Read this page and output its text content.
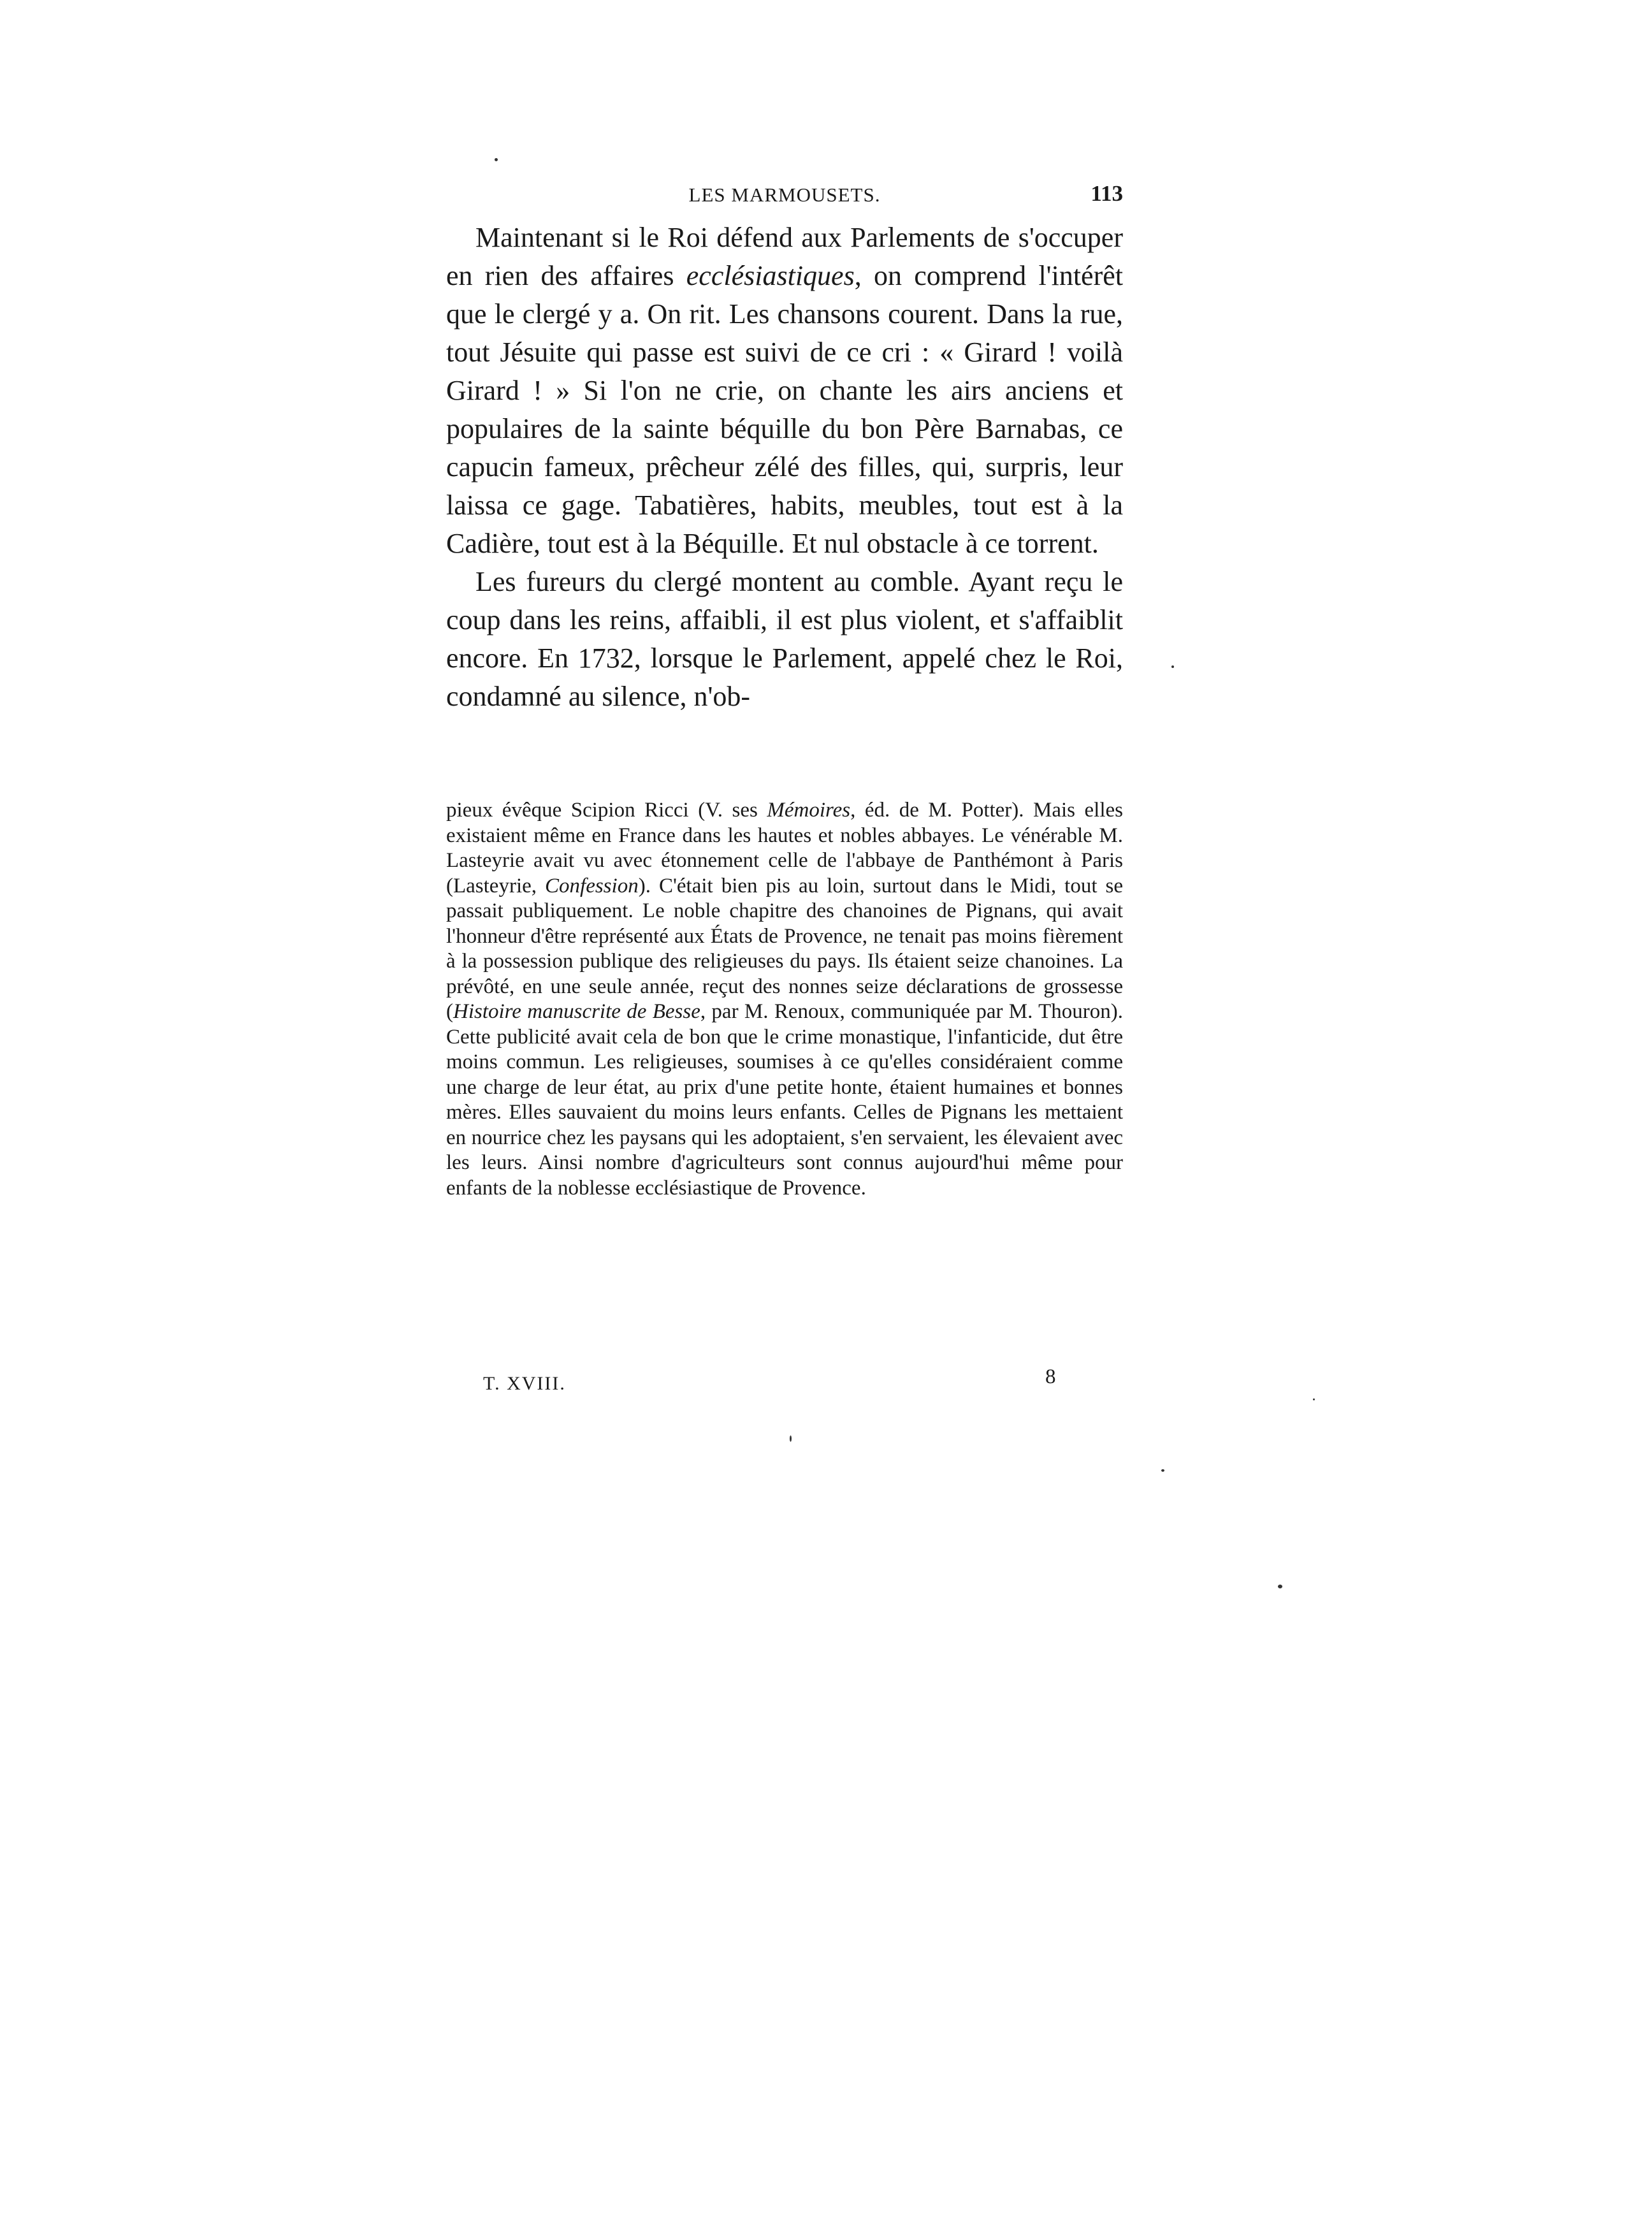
LES MARMOUSETS.	113

Maintenant si le Roi défend aux Parlements de s'occuper en rien des affaires ecclésiastiques, on comprend l'intérêt que le clergé y a. On rit. Les chansons courent. Dans la rue, tout Jésuite qui passe est suivi de ce cri : « Girard ! voilà Girard ! » Si l'on ne crie, on chante les airs anciens et populaires de la sainte béquille du bon Père Barnabas, ce capucin fameux, prêcheur zélé des filles, qui, surpris, leur laissa ce gage. Tabatières, habits, meubles, tout est à la Cadière, tout est à la Béquille. Et nul obstacle à ce torrent.

Les fureurs du clergé montent au comble. Ayant reçu le coup dans les reins, affaibli, il est plus violent, et s'affaiblit encore. En 1732, lorsque le Parlement, appelé chez le Roi, condamné au silence, n'ob-

pieux évêque Scipion Ricci (V. ses Mémoires, éd. de M. Potter). Mais elles existaient même en France dans les hautes et nobles abbayes. Le vénérable M. Lasteyrie avait vu avec étonnement celle de l'abbaye de Panthémont à Paris (Lasteyrie, Confession). C'était bien pis au loin, surtout dans le Midi, tout se passait publiquement. Le noble chapitre des chanoines de Pignans, qui avait l'honneur d'être représenté aux États de Provence, ne tenait pas moins fièrement à la possession publique des religieuses du pays. Ils étaient seize chanoines. La prévôté, en une seule année, reçut des nonnes seize déclarations de grossesse (Histoire manuscrite de Besse, par M. Renoux, communiquée par M. Thouron). Cette publicité avait cela de bon que le crime monastique, l'infanticide, dut être moins commun. Les religieuses, soumises à ce qu'elles considéraient comme une charge de leur état, au prix d'une petite honte, étaient humaines et bonnes mères. Elles sauvaient du moins leurs enfants. Celles de Pignans les mettaient en nourrice chez les paysans qui les adoptaient, s'en servaient, les élevaient avec les leurs. Ainsi nombre d'agriculteurs sont connus aujourd'hui même pour enfants de la noblesse ecclésiastique de Provence.

T. XVIII.	8
